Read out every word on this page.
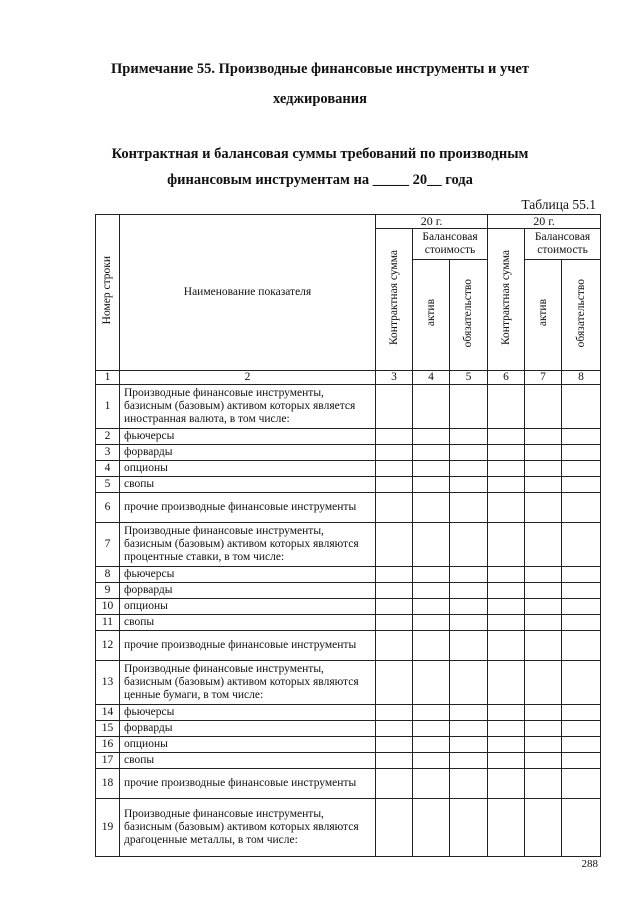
Примечание 55. Производные финансовые инструменты и учет
хеджирования
Контрактная и балансовая суммы требований по производным
финансовым инструментам на _____ 20__ года
Таблица 55.1
Номер строки	Наименование показателя	20 г.			20 г.		
		Контрактная сумма	Балансовая стоимость		Контрактная сумма	Балансовая стоимость	
			актив	обязательство		актив	обязательство
1	2	3	4	5	6	7	8
1	Производные финансовые инструменты, базисным (базовым) активом которых является иностранная валюта, в том числе:						
2	фьючерсы						
3	форварды						
4	опционы						
5	свопы						
6	прочие производные финансовые инструменты						
7	Производные финансовые инструменты, базисным (базовым) активом которых являются процентные ставки, в том числе:						
8	фьючерсы						
9	форварды						
10	опционы						
11	свопы						
12	прочие производные финансовые инструменты						
13	Производные финансовые инструменты, базисным (базовым) активом которых являются ценные бумаги, в том числе:						
14	фьючерсы						
15	форварды						
16	опционы						
17	свопы						
18	прочие производные финансовые инструменты						
19	Производные финансовые инструменты, базисным (базовым) активом которых являются драгоценные металлы, в том числе:						
288
